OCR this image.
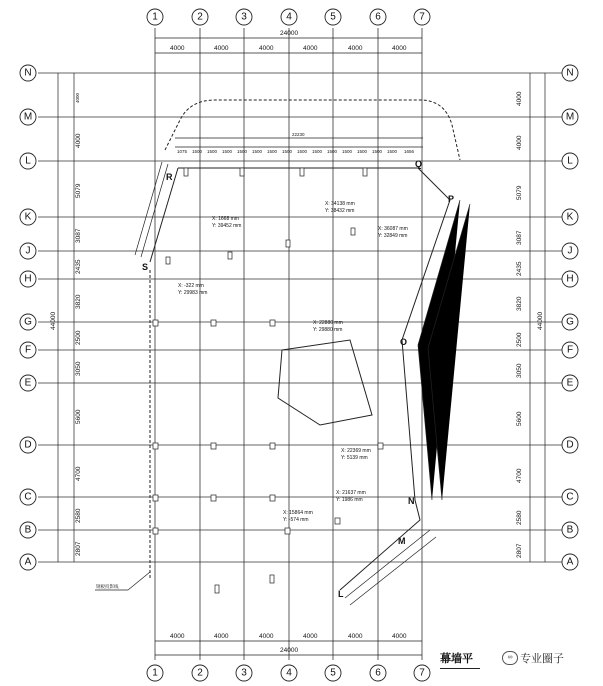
24000
4000	4000	4000	4000	4000	4000
4000	4000	4000	4000	4000	4000
24000
44000	44000
4000
4000
5079
3087
2435
3820
2500
3050
5600
4700
2580
2807
4000
4000
5079
3087
2435
3820
2500
3050
5600
4700
2580
2807
1	2	3	4	5	6	7
1	2	3	4	5	6	7
N
M
L
K
J
H
G
F
E
D
C
B
A
N
M
L
K
J
H
G
F
E
D
C
B
A
22230
1075 1500 1500 1500 1500 1500 1500 1500 1500 1500 1500 1500 1500 1500 1500 1656
R
S
Q
P
O
N
M
L
X: 1668 mm
Y: 39452 mm
X: 34138 mm
Y: 38432 mm
X: 36087 mm
Y: 32849 mm
X: -322 mm
Y: 29983 mm
X: 22880 mm
Y: 29880 mm
X: 22369 mm
Y: 5139 mm
X: 21637 mm
Y: 1986 mm
X: 15864 mm
Y: -574 mm
钢板投影线
幕墙平	∞ 专业圈子
